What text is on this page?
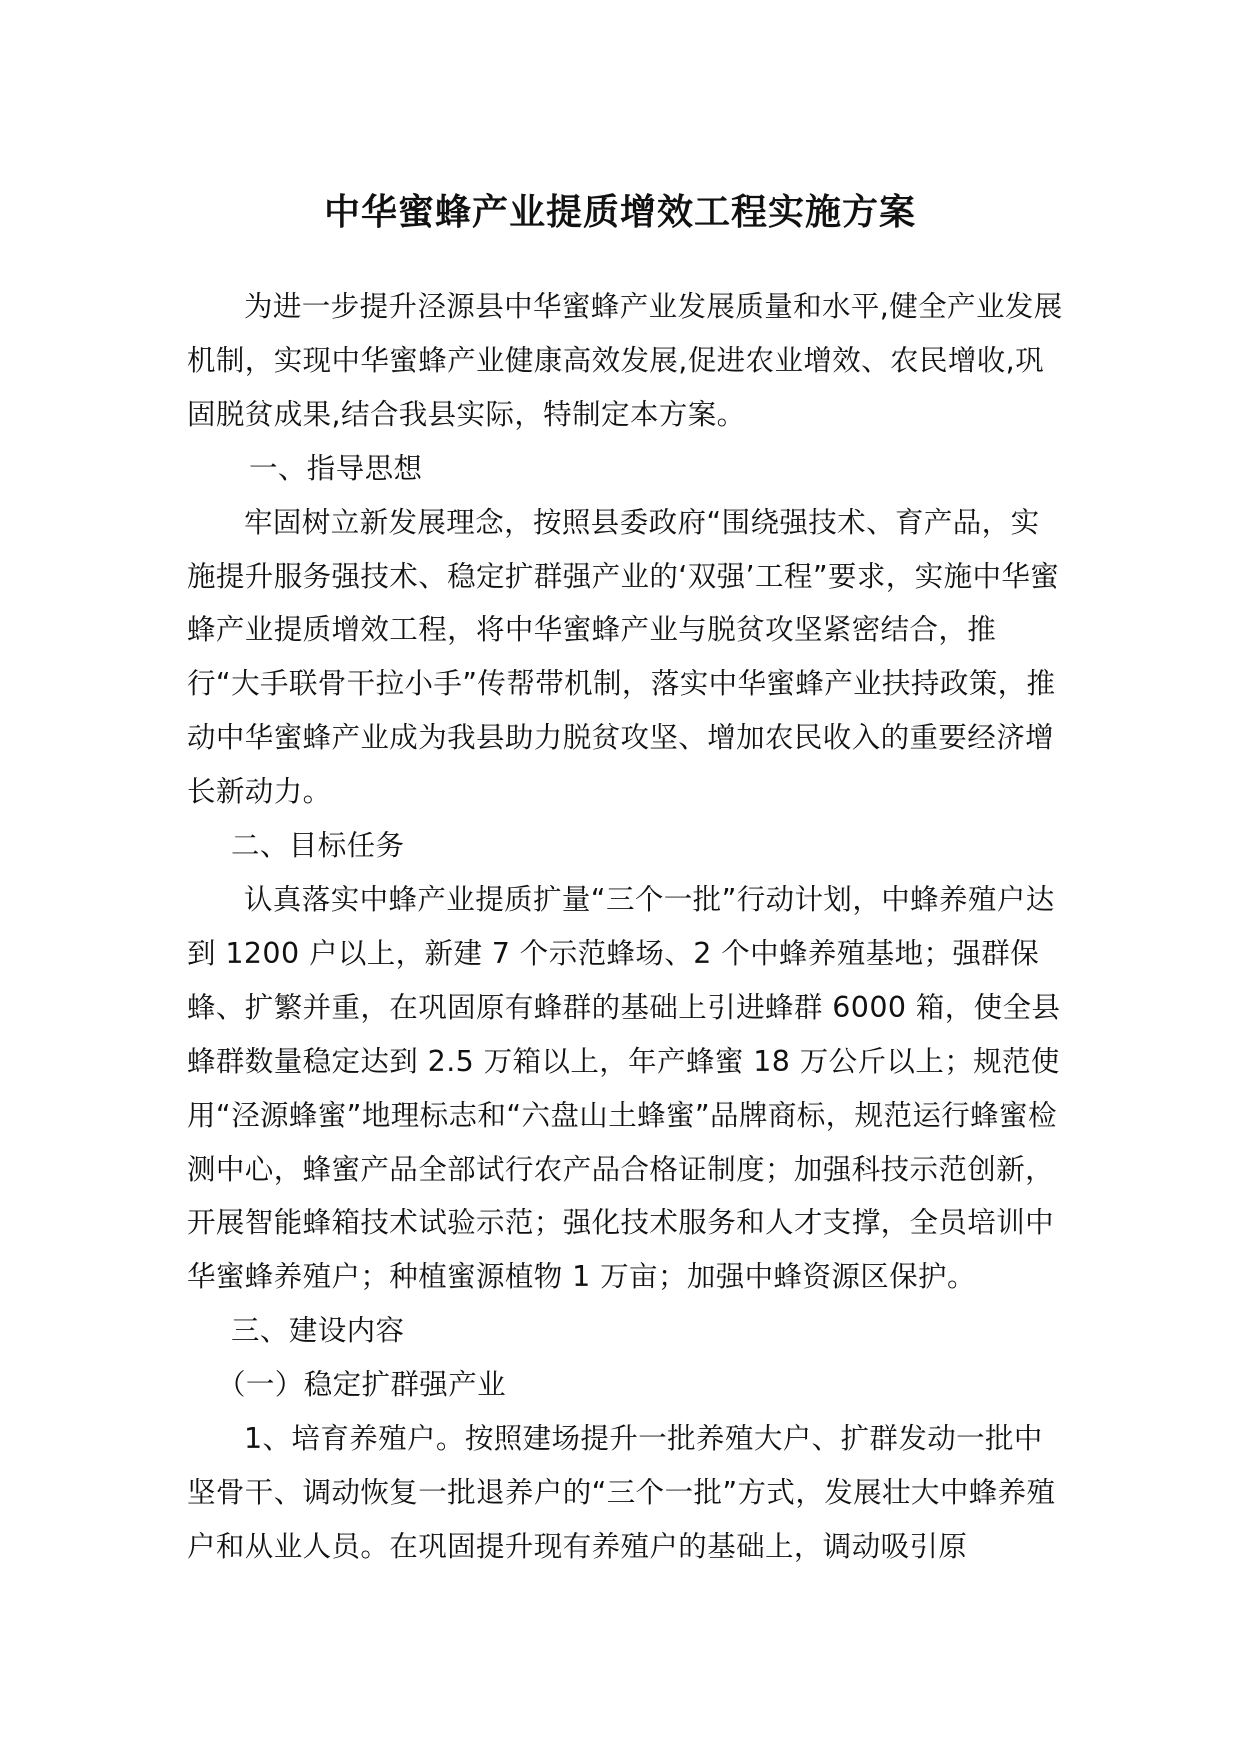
中华蜜蜂产业提质增效工程实施方案

为进一步提升泾源县中华蜜蜂产业发展质量和水平,健全产业发展机制，实现中华蜜蜂产业健康高效发展,促进农业增效、农民增收,巩固脱贫成果,结合我县实际，特制定本方案。

一、指导思想

牢固树立新发展理念，按照县委政府“围绕强技术、育产品，实施提升服务强技术、稳定扩群强产业的‘双强’工程”要求，实施中华蜜蜂产业提质增效工程，将中华蜜蜂产业与脱贫攻坚紧密结合，推行“大手联骨干拉小手”传帮带机制，落实中华蜜蜂产业扶持政策，推动中华蜜蜂产业成为我县助力脱贫攻坚、增加农民收入的重要经济增长新动力。

二、目标任务

认真落实中蜂产业提质扩量“三个一批”行动计划，中蜂养殖户达到 1200 户以上，新建 7 个示范蜂场、2 个中蜂养殖基地；强群保蜂、扩繁并重，在巩固原有蜂群的基础上引进蜂群 6000 箱，使全县蜂群数量稳定达到 2.5 万箱以上，年产蜂蜜 18 万公斤以上；规范使用“泾源蜂蜜”地理标志和“六盘山土蜂蜜”品牌商标，规范运行蜂蜜检测中心，蜂蜜产品全部试行农产品合格证制度；加强科技示范创新，开展智能蜂箱技术试验示范；强化技术服务和人才支撑，全员培训中华蜜蜂养殖户；种植蜜源植物 1 万亩；加强中蜂资源区保护。

三、建设内容

（一）稳定扩群强产业

1、培育养殖户。按照建场提升一批养殖大户、扩群发动一批中坚骨干、调动恢复一批退养户的“三个一批”方式，发展壮大中蜂养殖户和从业人员。在巩固提升现有养殖户的基础上，调动吸引原
